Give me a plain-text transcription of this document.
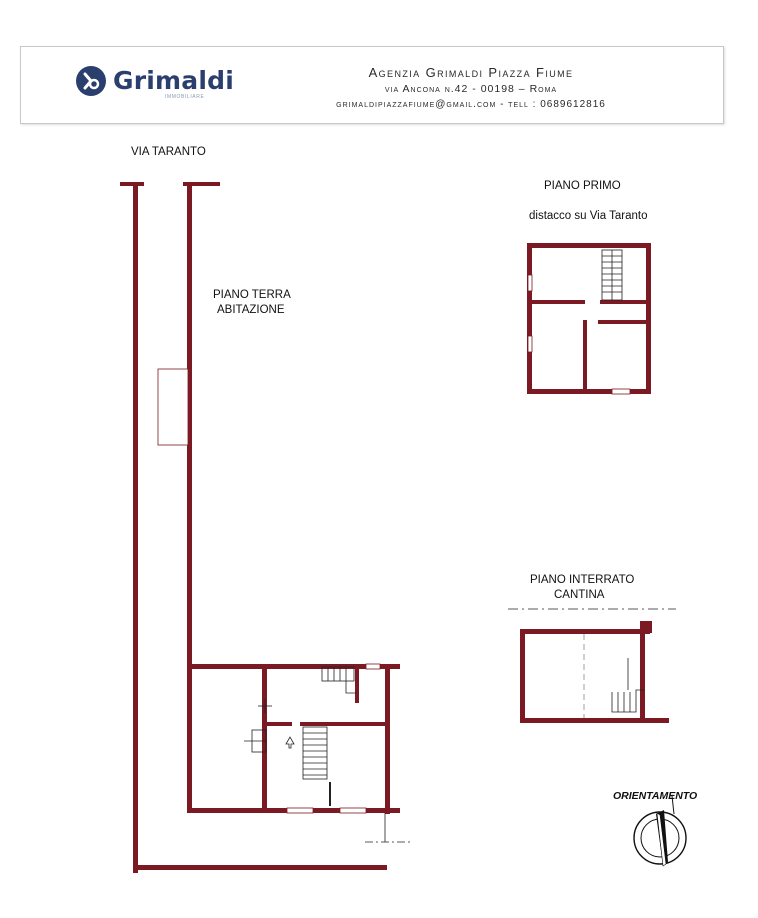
Grimaldi
IMMOBILIARE
Agenzia Grimaldi Piazza Fiume
via Ancona n.42 - 00198 – Roma
grimaldipiazzafiume@gmail.com - tell : 0689612816
VIA TARANTO
PIANO TERRA
ABITAZIONE
PIANO PRIMO
distacco su Via Taranto
PIANO INTERRATO
CANTINA
ORIENTAMENTO
